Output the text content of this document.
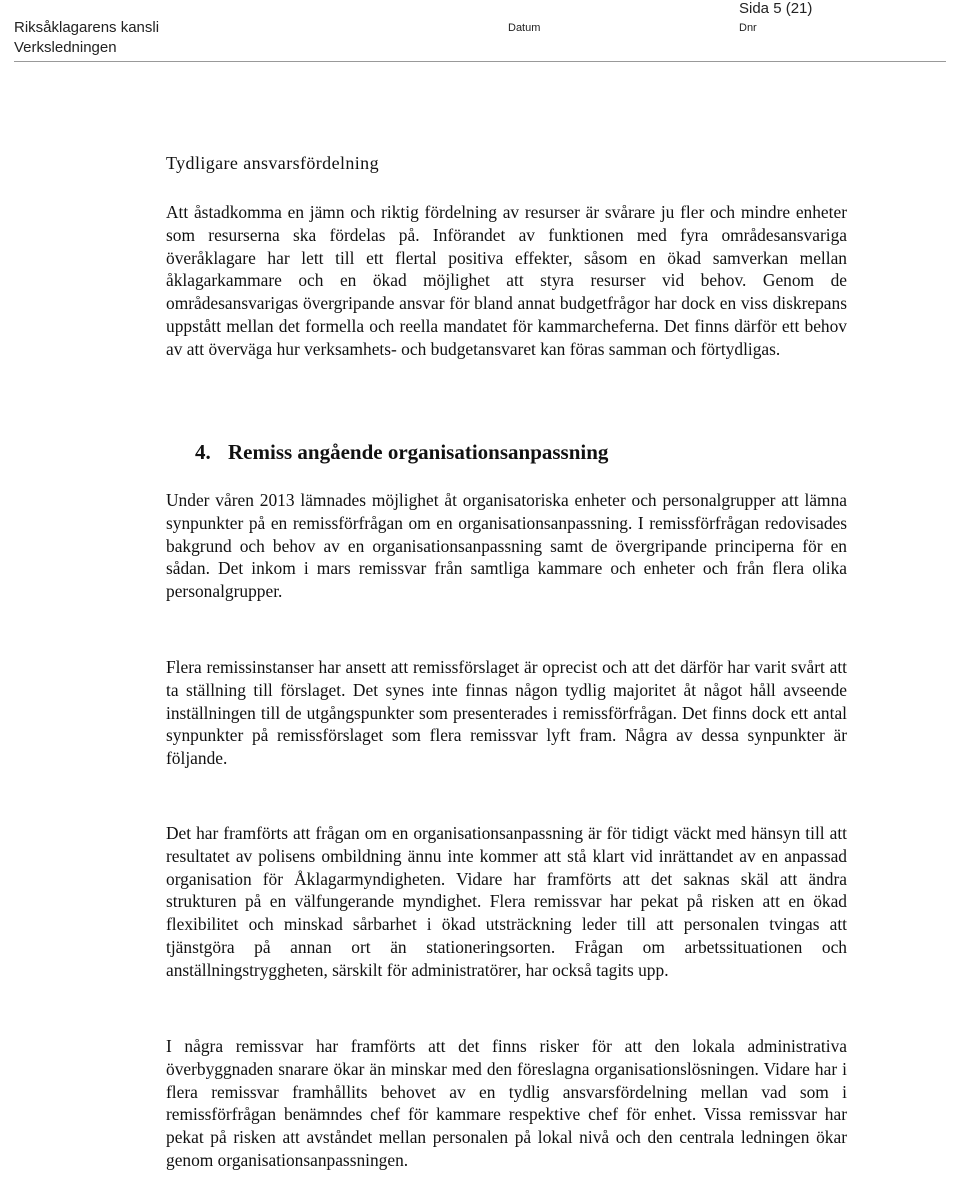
Riksåklagarens kansli
Verksledningen
Sida 5 (21)
Datum	Dnr
Tydligare ansvarsfördelning

Att åstadkomma en jämn och riktig fördelning av resurser är svårare ju fler och mindre enheter som resurserna ska fördelas på. Införandet av funktionen med fyra områdesansvariga överåklagare har lett till ett flertal positiva effekter, såsom en ökad samverkan mellan åklagarkammare och en ökad möjlighet att styra resurser vid behov. Genom de områdesansvarigas övergripande ansvar för bland annat budgetfrågor har dock en viss diskrepans uppstått mellan det formella och reella mandatet för kammarcheferna. Det finns därför ett behov av att överväga hur verksamhets- och budgetansvaret kan föras samman och förtydligas.

4. Remiss angående organisationsanpassning

Under våren 2013 lämnades möjlighet åt organisatoriska enheter och personalgrupper att lämna synpunkter på en remissförfrågan om en organisationsanpassning. I remissförfrågan redovisades bakgrund och behov av en organisationsanpassning samt de övergripande principerna för en sådan. Det inkom i mars remissvar från samtliga kammare och enheter och från flera olika personalgrupper.

Flera remissinstanser har ansett att remissförslaget är oprecist och att det därför har varit svårt att ta ställning till förslaget. Det synes inte finnas någon tydlig majoritet åt något håll avseende inställningen till de utgångspunkter som presenterades i remissförfrågan. Det finns dock ett antal synpunkter på remissförslaget som flera remissvar lyft fram. Några av dessa synpunkter är följande.

Det har framförts att frågan om en organisationsanpassning är för tidigt väckt med hänsyn till att resultatet av polisens ombildning ännu inte kommer att stå klart vid inrättandet av en anpassad organisation för Åklagarmyndigheten. Vidare har framförts att det saknas skäl att ändra strukturen på en välfungerande myndighet. Flera remissvar har pekat på risken att en ökad flexibilitet och minskad sårbarhet i ökad utsträckning leder till att personalen tvingas att tjänstgöra på annan ort än stationeringsorten. Frågan om arbetssituationen och anställningstryggheten, särskilt för administratörer, har också tagits upp.

I några remissvar har framförts att det finns risker för att den lokala administrativa överbyggnaden snarare ökar än minskar med den föreslagna organisationslösningen. Vidare har i flera remissvar framhållits behovet av en tydlig ansvarsfördelning mellan vad som i remissförfrågan benämndes chef för kammare respektive chef för enhet. Vissa remissvar har pekat på risken att avståndet mellan personalen på lokal nivå och den centrala ledningen ökar genom organisationsanpassningen.
